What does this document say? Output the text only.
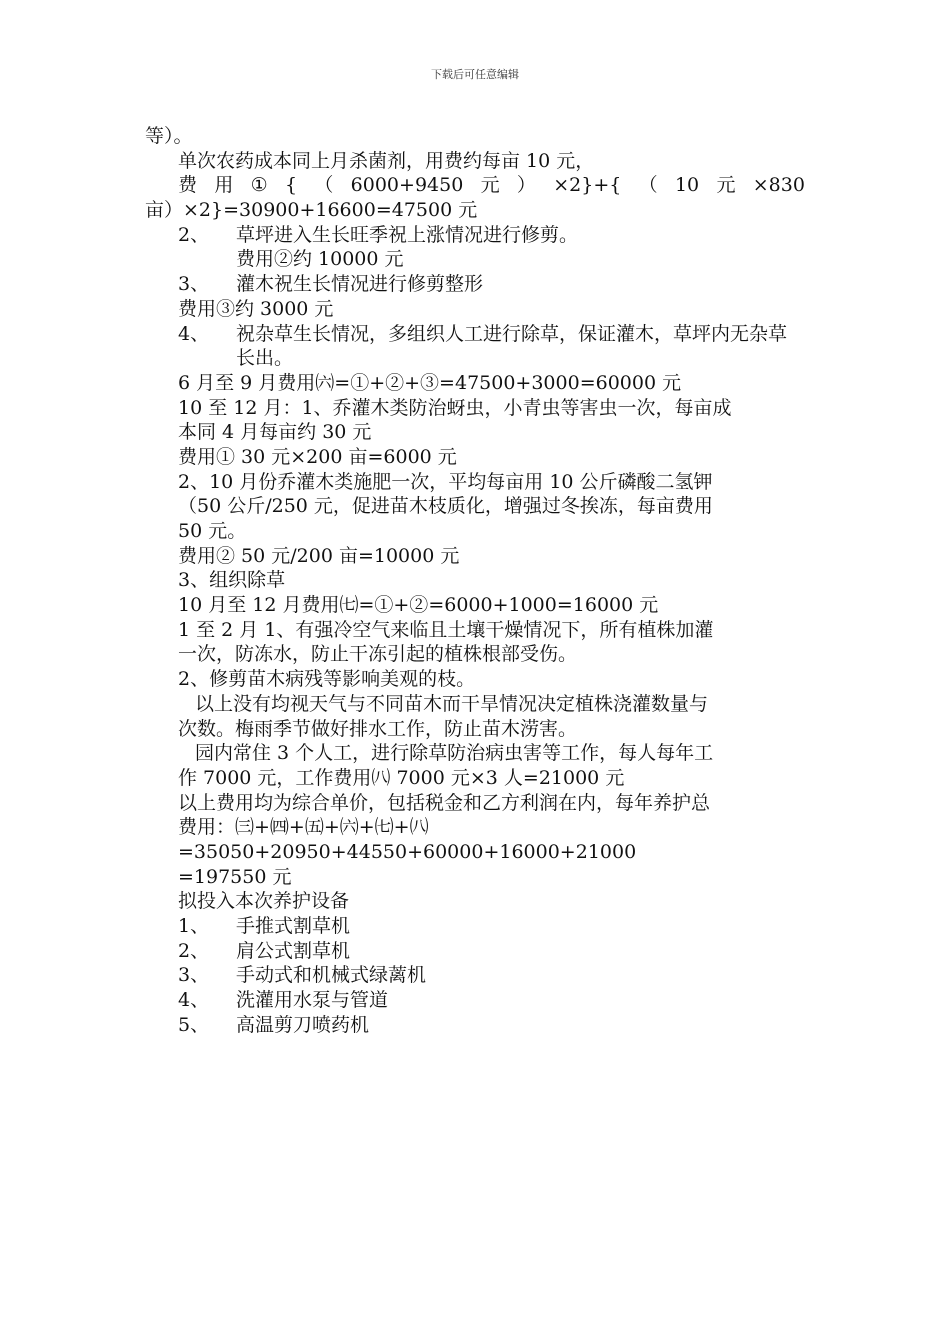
下载后可任意编辑
等）。
单次农药成本同上月杀菌剂，用费约每亩 10 元，
费 用 ① { （ 6000+9450 元 ） ×2}+{ （ 10 元 ×830
亩）×2}=30900+16600=47500 元
2、 草坪进入生长旺季祝上涨情况进行修剪。
费用②约 10000 元
3、 灌木祝生长情况进行修剪整形
费用③约 3000 元
4、	祝杂草生长情况，多组织人工进行除草，保证灌木，草坪内无杂草长出。
6 月至 9 月费用㈥=①+②+③=47500+3000=60000 元
10 至 12 月：1、乔灌木类防治蚜虫，小青虫等害虫一次，每亩成
本同 4 月每亩约 30 元
费用① 30 元×200 亩=6000 元
2、10 月份乔灌木类施肥一次，平均每亩用 10 公斤磷酸二氢钾
（50 公斤/250 元，促进苗木枝质化，增强过冬挨冻，每亩费用
50 元。
费用② 50 元/200 亩=10000 元
3、组织除草
10 月至 12 月费用㈦=①+②=6000+1000=16000 元
1 至 2 月 1、有强冷空气来临且土壤干燥情况下，所有植株加灌
一次，防冻水，防止干冻引起的植株根部受伤。
2、修剪苗木病残等影响美观的枝。
以上没有均视天气与不同苗木而干旱情况决定植株浇灌数量与
次数。梅雨季节做好排水工作，防止苗木涝害。
园内常住 3 个人工，进行除草防治病虫害等工作，每人每年工
作 7000 元，工作费用㈧ 7000 元×3 人=21000 元
以上费用均为综合单价，包括税金和乙方利润在内，每年养护总
费用：㈢+㈣+㈤+㈥+㈦+㈧
=35050+20950+44550+60000+16000+21000
=197550 元
拟投入本次养护设备
1、 手推式割草机
2、 肩公式割草机
3、 手动式和机械式绿蓠机
4、 洗灌用水泵与管道
5、 高温剪刀喷药机
